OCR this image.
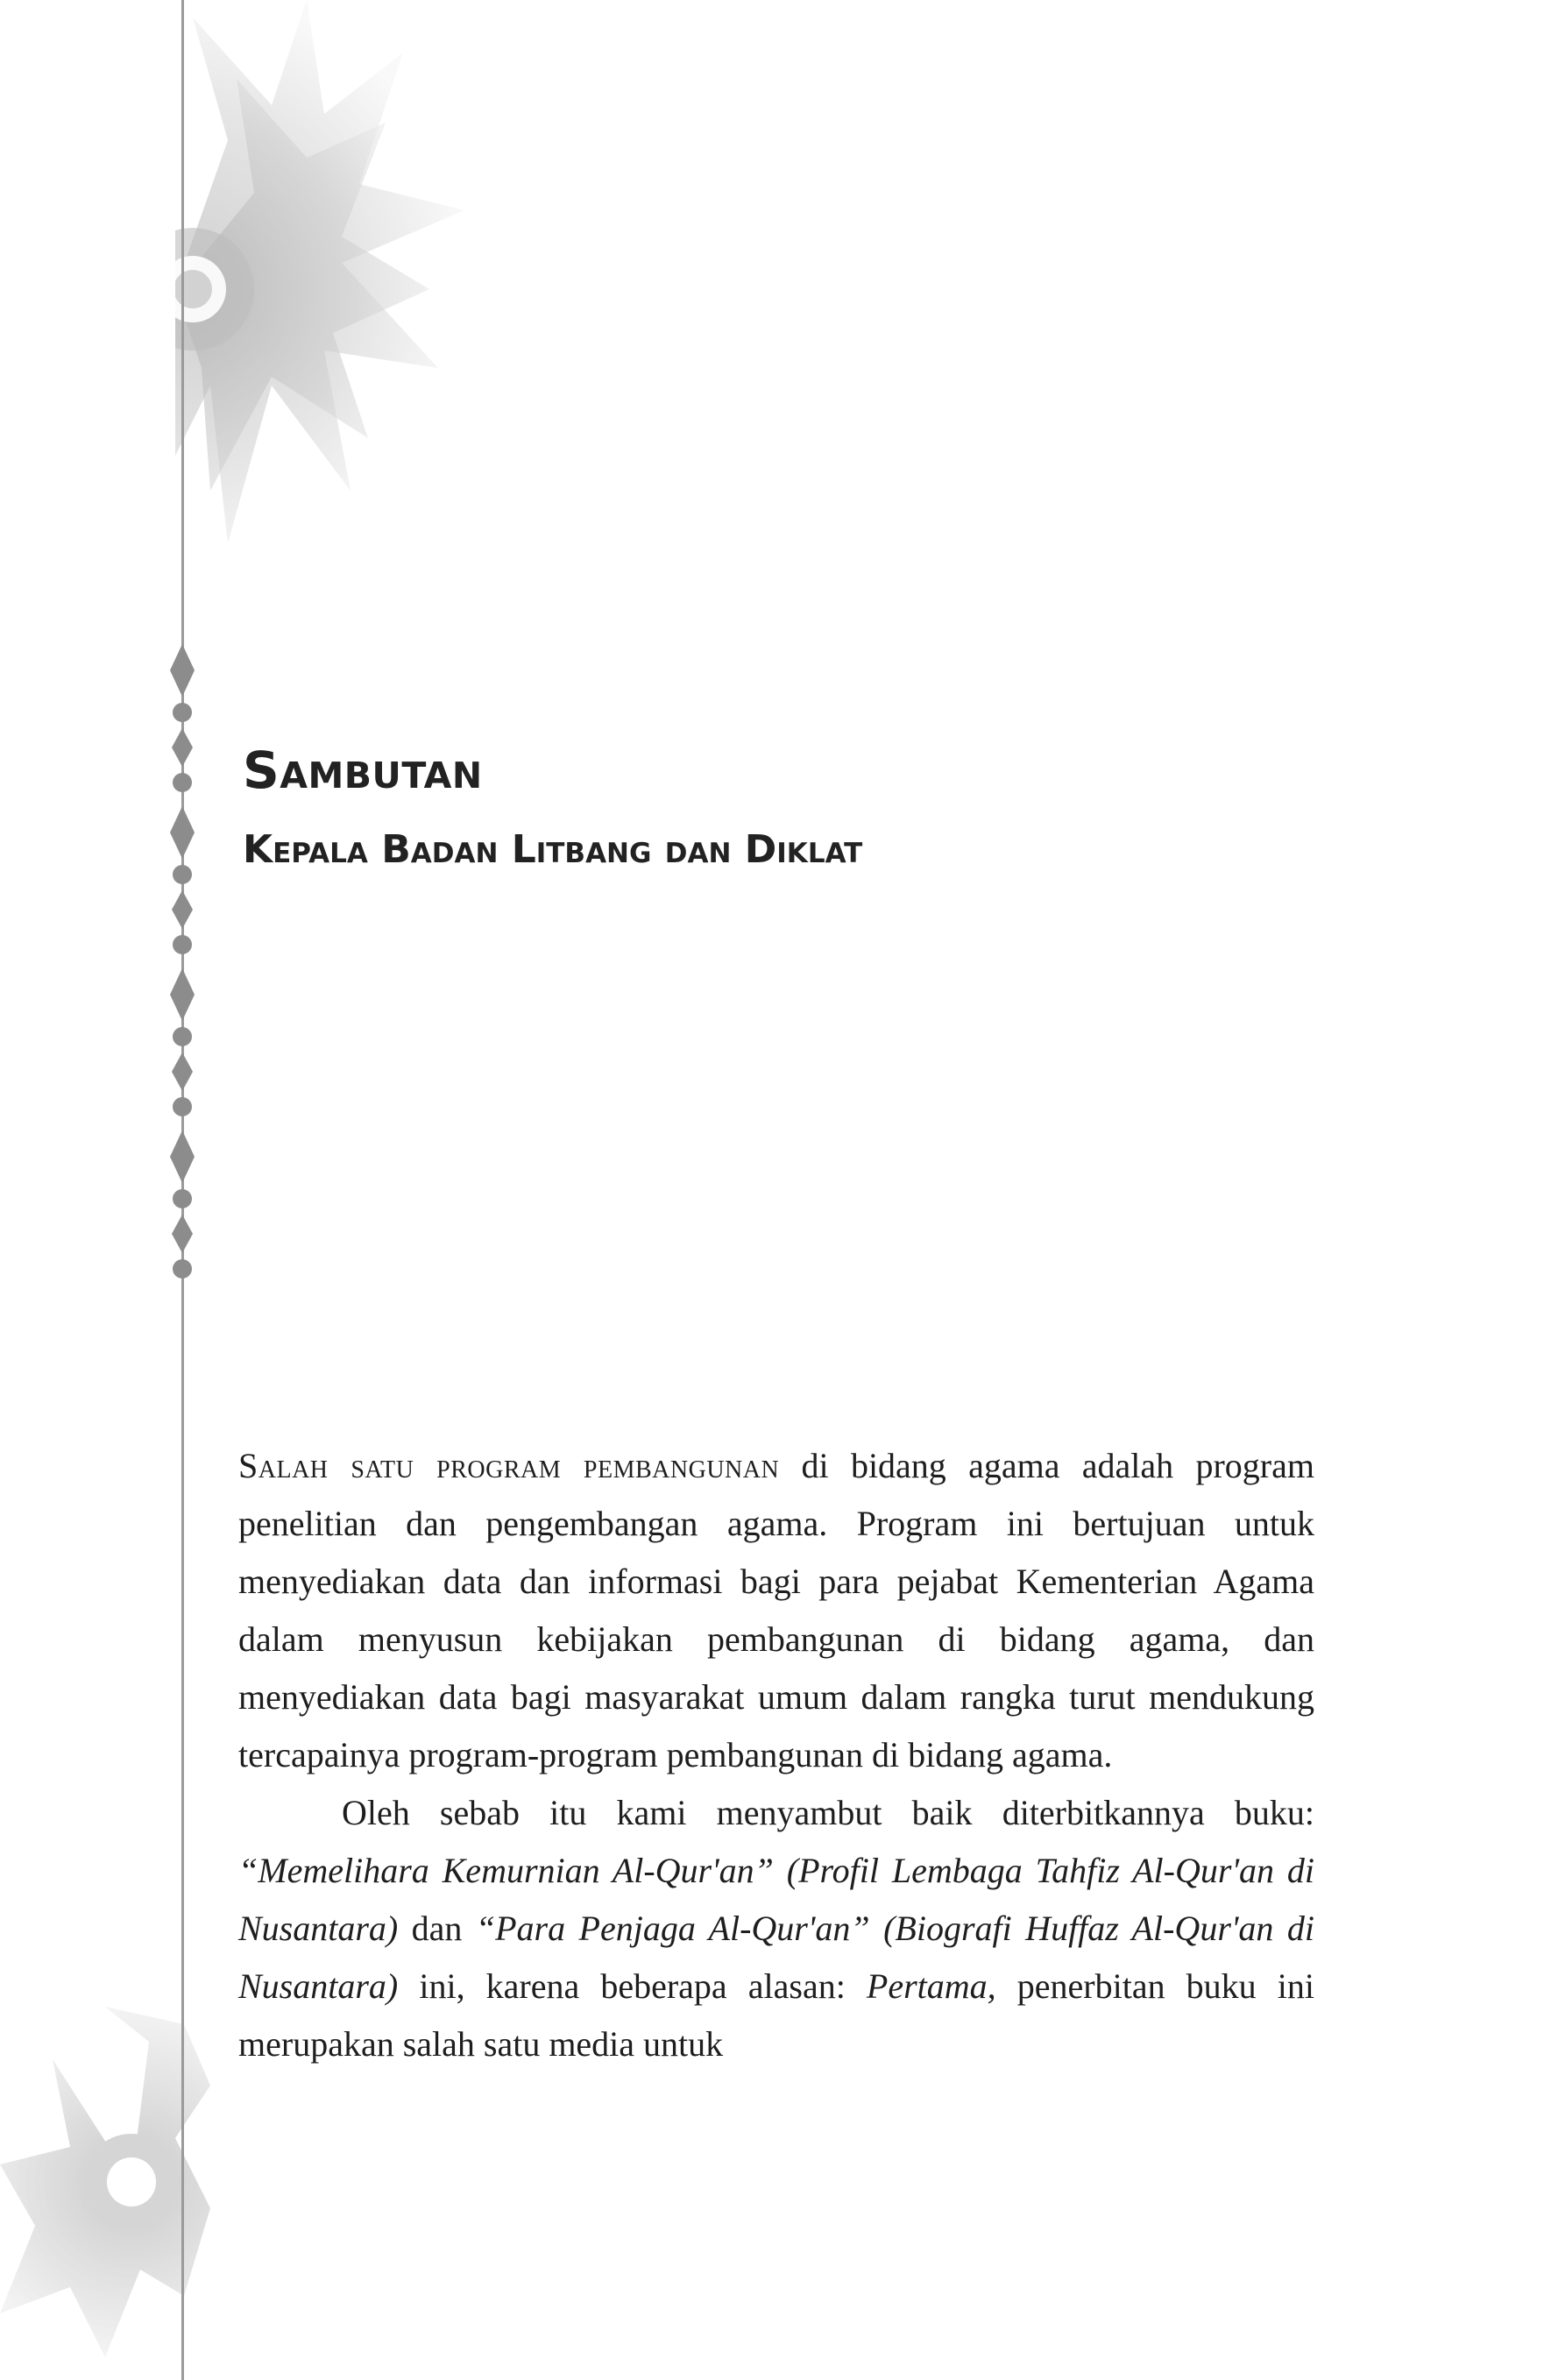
Sambutan
Kepala Badan Litbang dan Diklat

Salah satu program pembangunan di bidang agama adalah program penelitian dan pengembangan agama. Program ini bertujuan untuk menyediakan data dan informasi bagi para pejabat Kementerian Agama dalam menyusun kebijakan pembangunan di bidang agama, dan menyediakan data bagi masyarakat umum dalam rangka turut mendukung tercapainya program-program pembangunan di bidang agama.

Oleh sebab itu kami menyambut baik diterbitkannya buku: “Memelihara Kemurnian Al-Qur'an” (Profil Lembaga Tahfiz Al-Qur'an di Nusantara) dan “Para Penjaga Al-Qur'an” (Biografi Huffaz Al-Qur'an di Nusantara) ini, karena beberapa alasan: Pertama, penerbitan buku ini merupakan salah satu media untuk
